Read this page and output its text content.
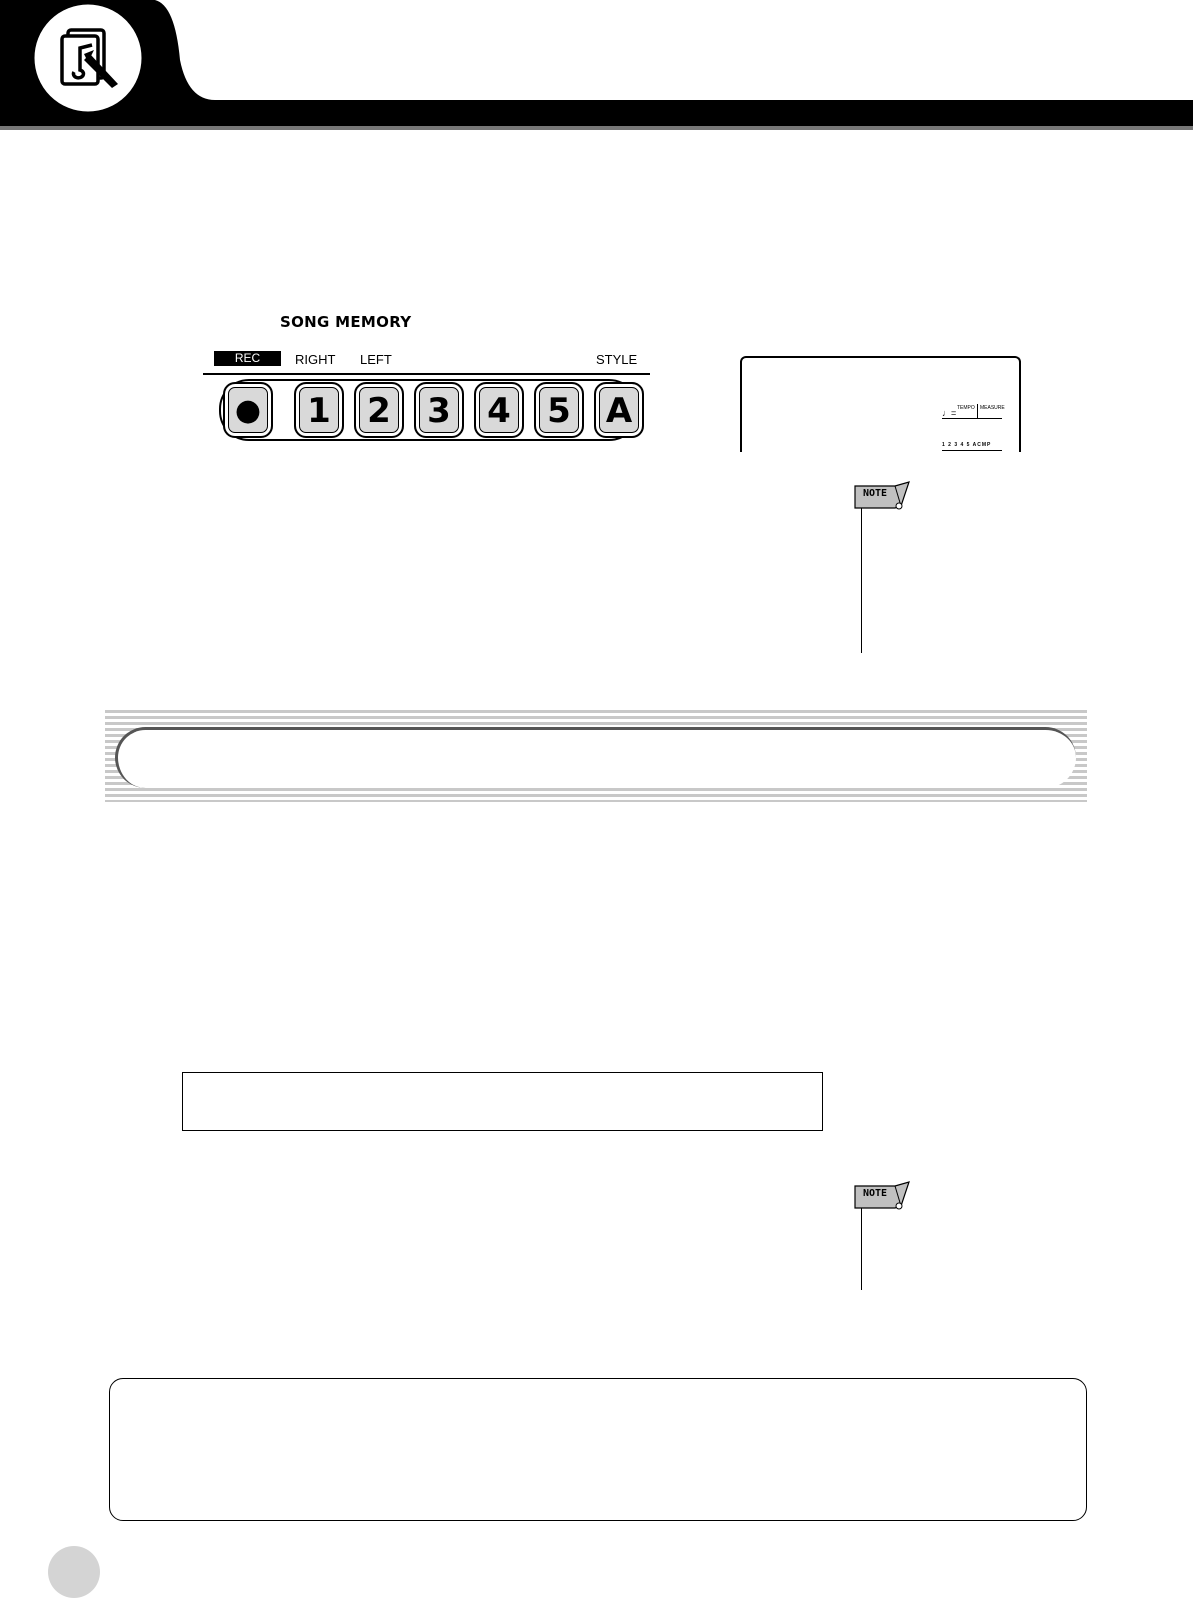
SONG MEMORY
REC	RIGHT LEFT	STYLE
●	1	2	3	4	5	A	TEMPO MEASURE
♩=
1 2 3 4 5 ACMP
NOTE
NOTE
